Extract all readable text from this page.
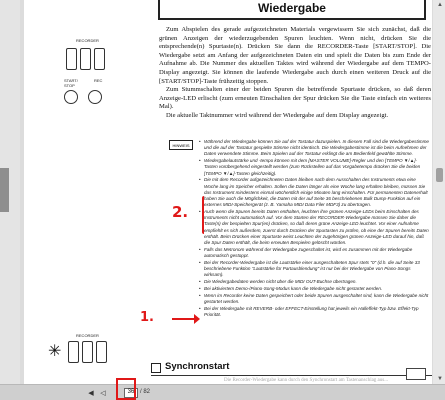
Wiedergabe
RECORDER
START/
STOP
REC
✳
RECORDER

Zum Abspielen des gerade aufgezeichneten Materials vergewissern Sie sich zunächst, daß die grünen Anzeigen der wiederzugebenden Spuren leuchten. Wenn nicht, drücken Sie die entsprechende(n) Spurtaste(n). Drücken Sie dann die RECORDER-Taste [START/STOP]. Die Wiedergabe setzt am Anfang der aufgezeichneten Daten ein und spielt die Daten bis zum Ende der Aufnahme ab. Die Nummer des aktuellen Taktes wird während der Wiedergabe auf dem TEMPO-Display angezeigt. Sie können die laufende Wiedergabe auch durch einen weiteren Druck auf die [START/STOP]-Taste frühzeitig stoppen.

Zum Stummschalten einer der beiden Spuren die betreffende Spurtaste drücken, so daß deren Anzeige-LED erlischt (zum erneuten Einschalten der Spur drücken Sie die Taste einfach ein weiteres Mal).

Die aktuelle Taktnummer wird während der Wiedergabe auf dem Display angezeigt.

HINWEIS
• Während der Wiedergabe können Sie auf der Tastatur dazuspielen. In diesem Fall sind die Wiedergabestimme und die auf der Tastatur gespielte Stimme nicht identisch. Die Wiedergabestimme ist die beim Aufnehmen der Daten verwendete Stimme. Beim Spielen auf der Tastatur erklingt die am Bedienfeld gewählte Stimme.
• Wiedergabelautstärke und -tempo können mit dem [MASTER VOLUME]-Regler und den [TEMPO ▼/▲]-Tasten vorübergehend eingestellt werden (zum Rückstellen auf das Vorgabetempo drücken Sie die beiden [TEMPO ▼/▲]-Tasten gleichzeitig).
• Die mit dem Recorder aufgezeichneten Daten bleiben nach dem Ausschalten des Instruments etwa eine Woche lang im Speicher erhalten. Sollen die Daten länger als eine Woche lang erhalten bleiben, müssen Sie das Instrument mindestens einmal wöchentlich einige Minuten lang einschalten. Für permanenten Datenerhalt haben Sie auch die Möglichkeit, die Daten mit der auf Seite 36 beschriebenen Bulk Dump-Funktion auf ein externes MIDI-Speichergerät (z. B. Yamaha MIDI Data Filer MDF3) zu übertragen.
• Auch wenn die Spuren bereits Daten enthalten, leuchten ihre grünen Anzeige-LEDs beim Einschalten des Instruments nicht automatisch auf. Vor dem Starten der RECORDER-Wiedergabe müssen Sie daher die Taste(n) der bespielten Spur(en) drücken, so daß deren grüne Anzeige-LED leuchtet. Vor einer Aufnahme empfiehlt es sich außerdem, zuerst durch Drücken der Spurtasten zu prüfen, ob eine der Spuren bereits Daten enthält. Beim Drücken einer Spurtaste weist Leuchten der zugehörigen grünen Anzeige-LED darauf hin, daß die Spur Daten enthält, die beim erneuten Bespielen gelöscht würden.
• Falls das Metronom während der Wiedergabe zugeschaltet ist, wird es zusammen mit der Wiedergabe automatisch gestoppt.
• Bei der Recorder-Wiedergabe ist die Lautstärke einer ausgeschalteten Spur stets "0" (d.h. die auf Seite 33 beschriebene Funktion "Lautstärke für Partausblendung" ist nur bei der Wiedergabe von Piano-Songs wirksam).
• Die Wiedergabedaten werden nicht über die MIDI OUT-Buchse übertragen.
• Bei aktiviertem Demo-/Piano-Song-Modus kann die Wiedergabe nicht gestartet werden.
• Wenn im Recorder keine Daten gespeichert oder beide Spuren ausgeschaltet sind, kann die Wiedergabe nicht gestartet werden.
• Bei der Wiedergabe mit REVERB- oder EFFECT-Einstellung hat jeweils ein Halleffekt-Typ bzw. Effekt-Typ Priorität.
2.
1.
Synchronstart
Die Recorder-Wiedergabe kann durch den Synchronstart am Tastenanschlag aus...
▲
▼
◀ ◁	36 / 82
